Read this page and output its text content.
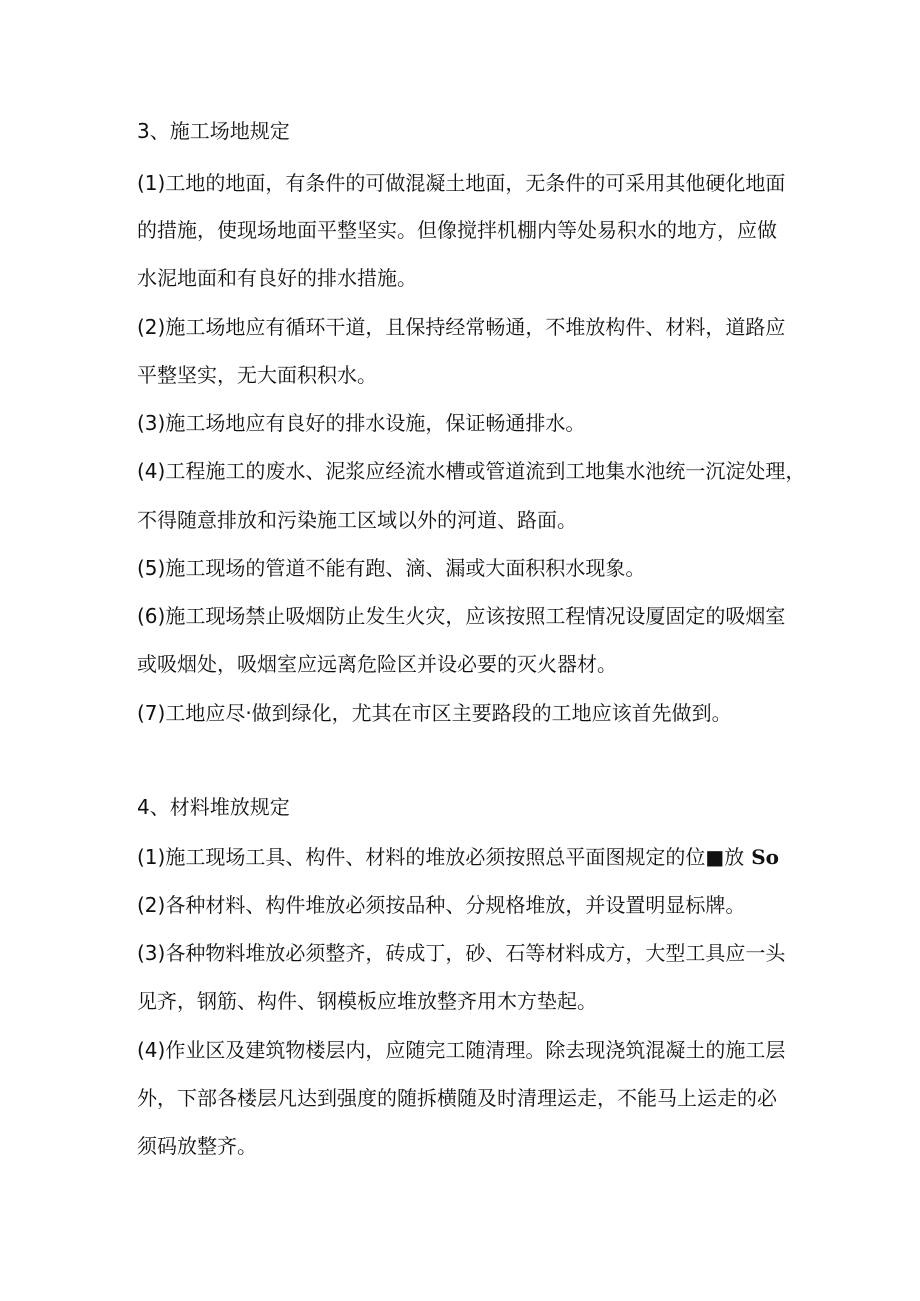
3、施工场地规定
(1)工地的地面，有条件的可做混凝土地面，无条件的可采用其他硬化地面
的措施，使现场地面平整坚实。但像搅拌机棚内等处易积水的地方，应做
水泥地面和有良好的排水措施。
(2)施工场地应有循环干道，且保持经常畅通，不堆放构件、材料，道路应
平整坚实，无大面积积水。
(3)施工场地应有良好的排水设施，保证畅通排水。
(4)工程施工的废水、泥浆应经流水槽或管道流到工地集水池统一沉淀处理，
不得随意排放和污染施工区域以外的河道、路面。
(5)施工现场的管道不能有跑、滴、漏或大面积积水现象。
(6)施工现场禁止吸烟防止发生火灾，应该按照工程情况设厦固定的吸烟室
或吸烟处，吸烟室应远离危险区并设必要的灭火器材。
(7)工地应尽·做到绿化，尤其在市区主要路段的工地应该首先做到。
4、材料堆放规定
(1)施工现场工具、构件、材料的堆放必须按照总平面图规定的位■放 So
(2)各种材料、构件堆放必须按品种、分规格堆放，并设置明显标牌。
(3)各种物料堆放必须整齐，砖成丁，砂、石等材料成方，大型工具应一头
见齐，钢筋、构件、钢模板应堆放整齐用木方垫起。
(4)作业区及建筑物楼层内，应随完工随清理。除去现浇筑混凝土的施工层
外，下部各楼层凡达到强度的随拆横随及时清理运走，不能马上运走的必
须码放整齐。
